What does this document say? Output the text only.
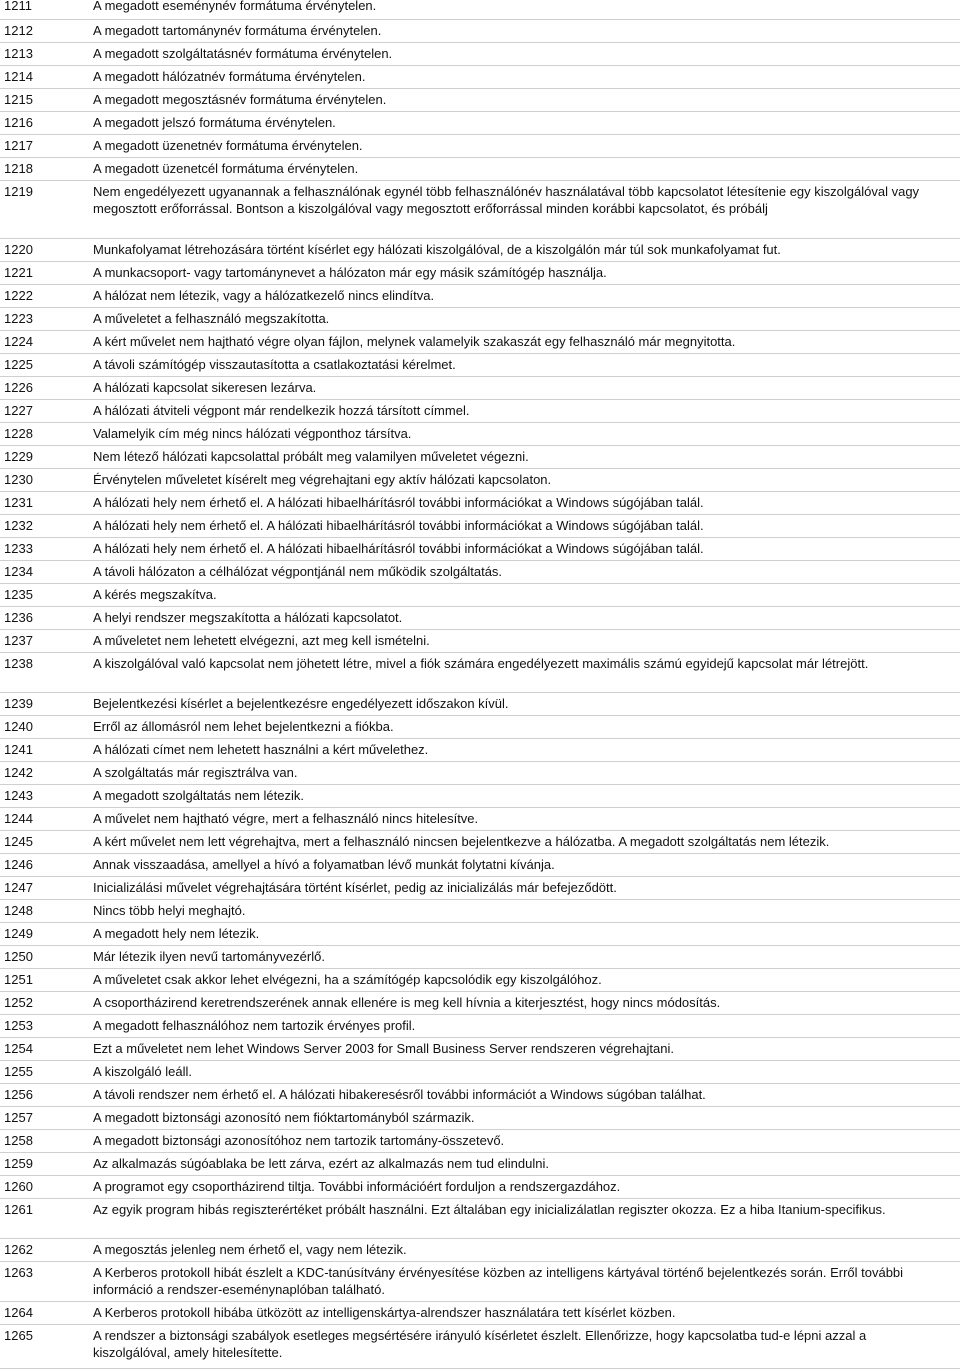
1211	A megadott eseménynév formátuma érvénytelen.
1212	A megadott tartománynév formátuma érvénytelen.
1213	A megadott szolgáltatásnév formátuma érvénytelen.
1214	A megadott hálózatnév formátuma érvénytelen.
1215	A megadott megosztásnév formátuma érvénytelen.
1216	A megadott jelszó formátuma érvénytelen.
1217	A megadott üzenetnév formátuma érvénytelen.
1218	A megadott üzenetcél formátuma érvénytelen.
1219	Nem engedélyezett ugyanannak a felhasználónak egynél több felhasználónév használatával több kapcsolatot létesítenie egy kiszolgálóval vagy megosztott erőforrással. Bontson a kiszolgálóval vagy megosztott erőforrással minden korábbi kapcsolatot, és próbálj
1220	Munkafolyamat létrehozására történt kísérlet egy hálózati kiszolgálóval, de a kiszolgálón már túl sok munkafolyamat fut.
1221	A munkacsoport- vagy tartománynevet a hálózaton már egy másik számítógép használja.
1222	A hálózat nem létezik, vagy a hálózatkezelő nincs elindítva.
1223	A műveletet a felhasználó megszakította.
1224	A kért művelet nem hajtható végre olyan fájlon, melynek valamelyik szakaszát egy felhasználó már megnyitotta.
1225	A távoli számítógép visszautasította a csatlakoztatási kérelmet.
1226	A hálózati kapcsolat sikeresen lezárva.
1227	A hálózati átviteli végpont már rendelkezik hozzá társított címmel.
1228	Valamelyik cím még nincs hálózati végponthoz társítva.
1229	Nem létező hálózati kapcsolattal próbált meg valamilyen műveletet végezni.
1230	Érvénytelen műveletet kísérelt meg végrehajtani egy aktív hálózati kapcsolaton.
1231	A hálózati hely nem érhető el. A hálózati hibaelhárításról további információkat a Windows súgójában talál.
1232	A hálózati hely nem érhető el. A hálózati hibaelhárításról további információkat a Windows súgójában talál.
1233	A hálózati hely nem érhető el. A hálózati hibaelhárításról további információkat a Windows súgójában talál.
1234	A távoli hálózaton a célhálózat végpontjánál nem működik szolgáltatás.
1235	A kérés megszakítva.
1236	A helyi rendszer megszakította a hálózati kapcsolatot.
1237	A műveletet nem lehetett elvégezni, azt meg kell ismételni.
1238	A kiszolgálóval való kapcsolat nem jöhetett létre, mivel a fiók számára engedélyezett maximális számú egyidejű kapcsolat már létrejött.
1239	Bejelentkezési kísérlet a bejelentkezésre engedélyezett időszakon kívül.
1240	Erről az állomásról nem lehet bejelentkezni a fiókba.
1241	A hálózati címet nem lehetett használni a kért művelethez.
1242	A szolgáltatás már regisztrálva van.
1243	A megadott szolgáltatás nem létezik.
1244	A művelet nem hajtható végre, mert a felhasználó nincs hitelesítve.
1245	A kért művelet nem lett végrehajtva, mert a felhasználó nincsen bejelentkezve a hálózatba. A megadott szolgáltatás nem létezik.
1246	Annak visszaadása, amellyel a hívó a folyamatban lévő munkát folytatni kívánja.
1247	Inicializálási művelet végrehajtására történt kísérlet, pedig az inicializálás már befejeződött.
1248	Nincs több helyi meghajtó.
1249	A megadott hely nem létezik.
1250	Már létezik ilyen nevű tartományvezérlő.
1251	A műveletet csak akkor lehet elvégezni, ha a számítógép kapcsolódik egy kiszolgálóhoz.
1252	A csoportházirend keretrendszerének annak ellenére is meg kell hívnia a kiterjesztést, hogy nincs módosítás.
1253	A megadott felhasználóhoz nem tartozik érvényes profil.
1254	Ezt a műveletet nem lehet Windows Server 2003 for Small Business Server rendszeren végrehajtani.
1255	A kiszolgáló leáll.
1256	A távoli rendszer nem érhető el. A hálózati hibakeresésről további információt a Windows súgóban találhat.
1257	A megadott biztonsági azonosító nem fióktartományból származik.
1258	A megadott biztonsági azonosítóhoz nem tartozik tartomány-összetevő.
1259	Az alkalmazás súgóablaka be lett zárva, ezért az alkalmazás nem tud elindulni.
1260	A programot egy csoportházirend tiltja. További információért forduljon a rendszergazdához.
1261	Az egyik program hibás regiszterértéket próbált használni. Ezt általában egy inicializálatlan regiszter okozza. Ez a hiba Itanium-specifikus.
1262	A megosztás jelenleg nem érhető el, vagy nem létezik.
1263	A Kerberos protokoll hibát észlelt a KDC-tanúsítvány érvényesítése közben az intelligens kártyával történő bejelentkezés során. Erről további információ a rendszer-eseménynaplóban található.
1264	A Kerberos protokoll hibába ütközött az intelligenskártya-alrendszer használatára tett kísérlet közben.
1265	A rendszer a biztonsági szabályok esetleges megsértésére irányuló kísérletet észlelt. Ellenőrizze, hogy kapcsolatba tud-e lépni azzal a kiszolgálóval, amely hitelesítette.
